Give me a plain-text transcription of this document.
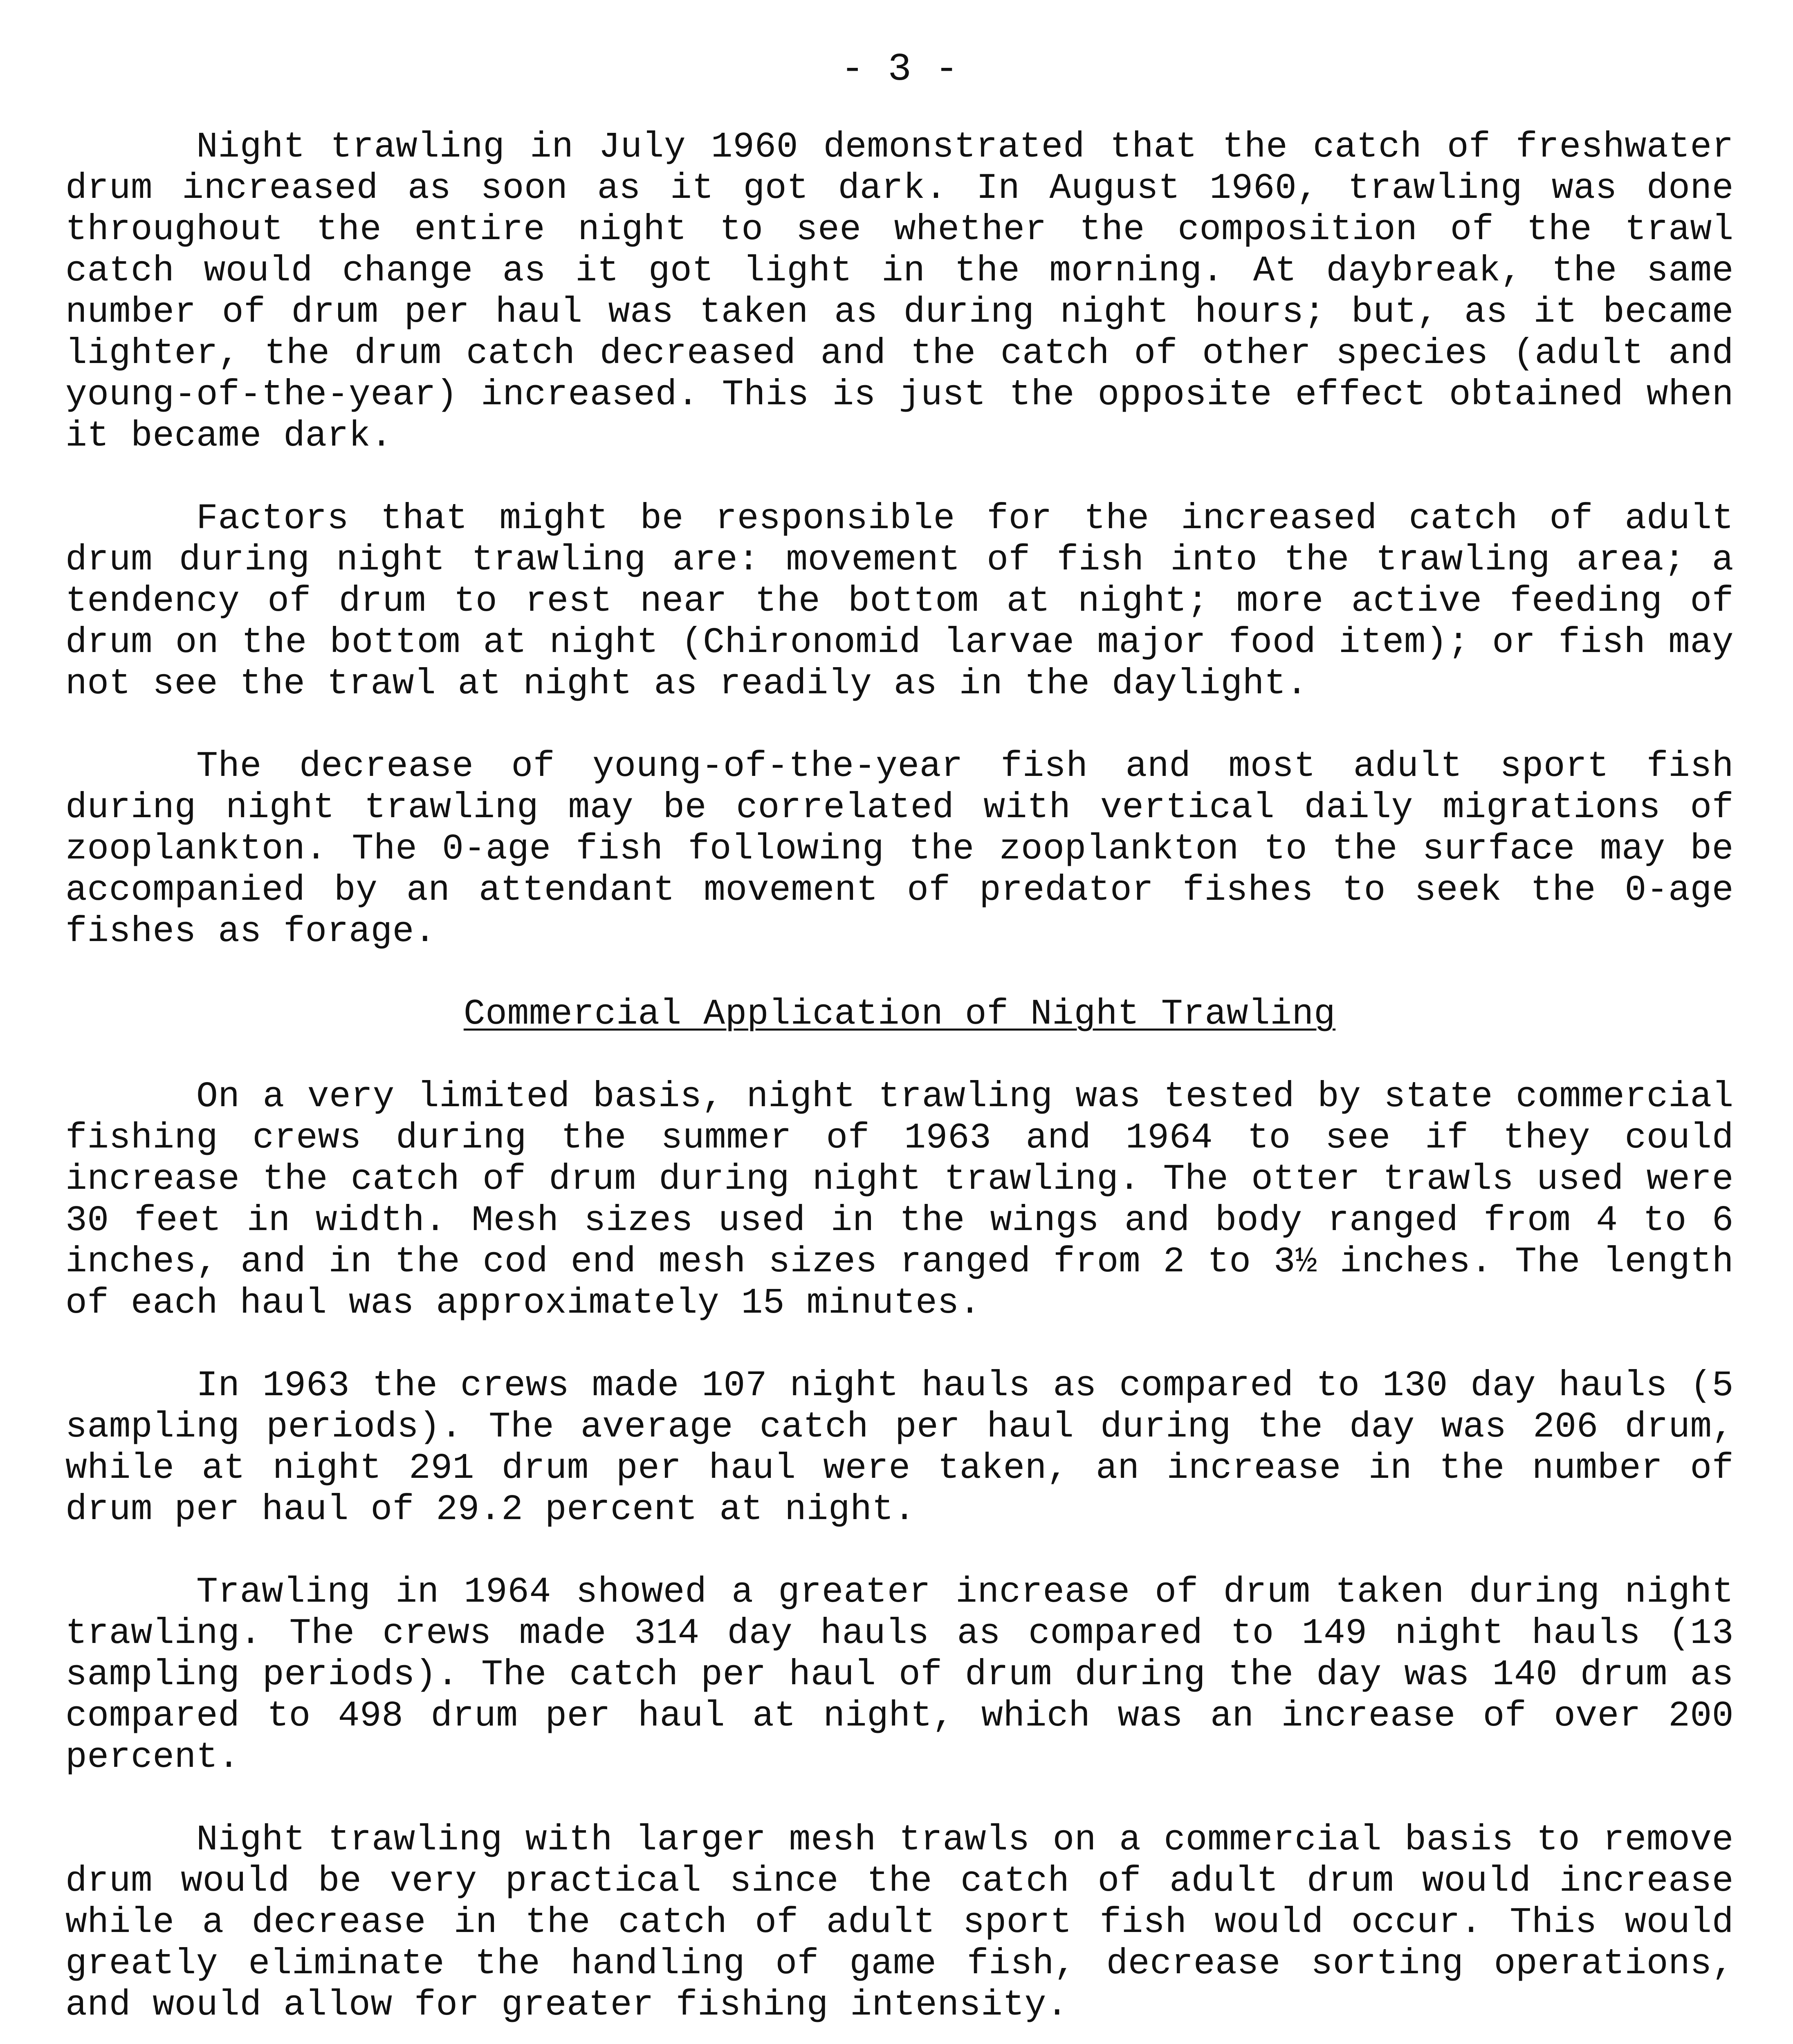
- 3 -

Night trawling in July 1960 demonstrated that the catch of freshwater drum increased as soon as it got dark. In August 1960, trawling was done throughout the entire night to see whether the composition of the trawl catch would change as it got light in the morning. At daybreak, the same number of drum per haul was taken as during night hours; but, as it became lighter, the drum catch decreased and the catch of other species (adult and young-of-the-year) increased. This is just the opposite effect obtained when it became dark.

Factors that might be responsible for the increased catch of adult drum during night trawling are: movement of fish into the trawling area; a tendency of drum to rest near the bottom at night; more active feeding of drum on the bottom at night (Chironomid larvae major food item); or fish may not see the trawl at night as readily as in the daylight.

The decrease of young-of-the-year fish and most adult sport fish during night trawling may be correlated with vertical daily migrations of zooplankton. The 0-age fish following the zooplankton to the surface may be accompanied by an attendant movement of predator fishes to seek the 0-age fishes as forage.

Commercial Application of Night Trawling

On a very limited basis, night trawling was tested by state commercial fishing crews during the summer of 1963 and 1964 to see if they could increase the catch of drum during night trawling. The otter trawls used were 30 feet in width. Mesh sizes used in the wings and body ranged from 4 to 6 inches, and in the cod end mesh sizes ranged from 2 to 3½ inches. The length of each haul was approximately 15 minutes.

In 1963 the crews made 107 night hauls as compared to 130 day hauls (5 sampling periods). The average catch per haul during the day was 206 drum, while at night 291 drum per haul were taken, an increase in the number of drum per haul of 29.2 percent at night.

Trawling in 1964 showed a greater increase of drum taken during night trawling. The crews made 314 day hauls as compared to 149 night hauls (13 sampling periods). The catch per haul of drum during the day was 140 drum as compared to 498 drum per haul at night, which was an increase of over 200 percent.

Night trawling with larger mesh trawls on a commercial basis to remove drum would be very practical since the catch of adult drum would increase while a decrease in the catch of adult sport fish would occur. This would greatly eliminate the handling of game fish, decrease sorting operations, and would allow for greater fishing intensity.
